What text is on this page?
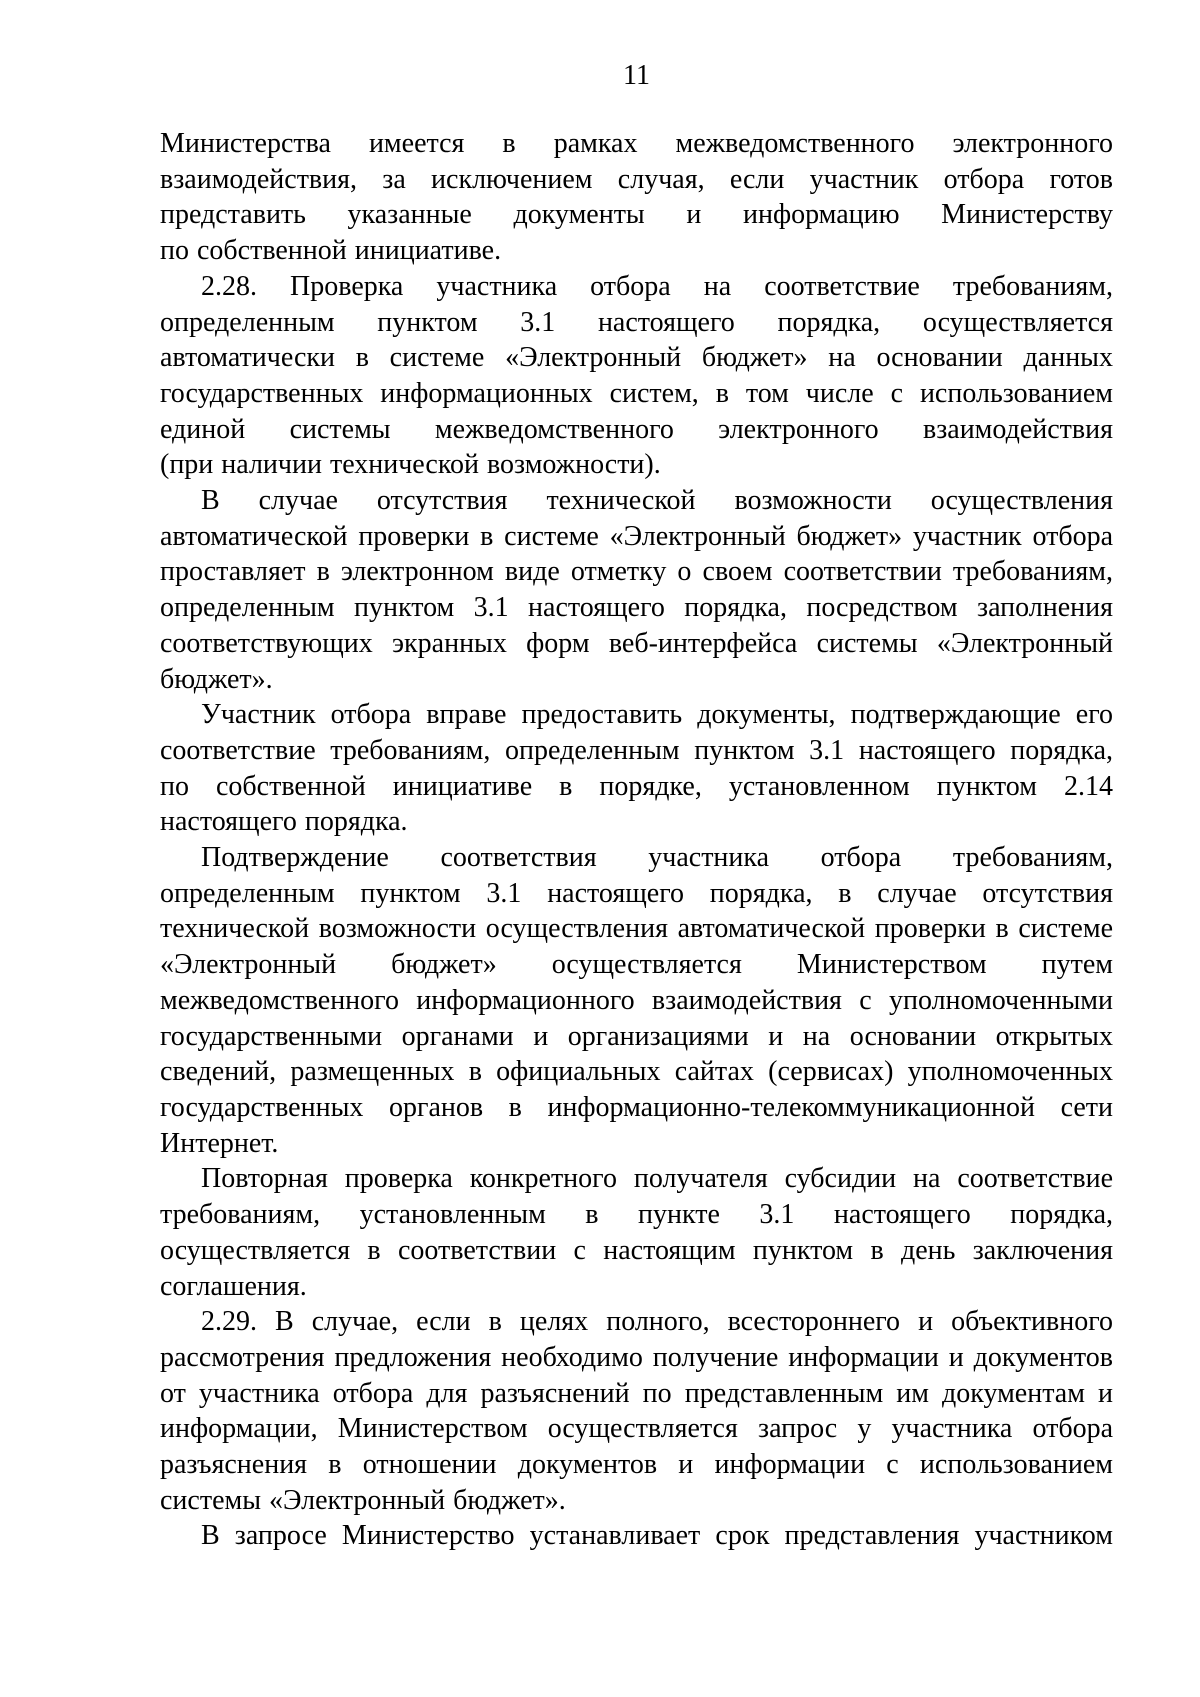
11
Министерства имеется в рамках межведомственного электронного
взаимодействия, за исключением случая, если участник отбора готов
представить указанные документы и информацию Министерству
по собственной инициативе.
2.28. Проверка участника отбора на соответствие требованиям,
определенным пунктом 3.1 настоящего порядка, осуществляется
автоматически в системе «Электронный бюджет» на основании данных
государственных информационных систем, в том числе с использованием
единой системы межведомственного электронного взаимодействия
(при наличии технической возможности).
В случае отсутствия технической возможности осуществления
автоматической проверки в системе «Электронный бюджет» участник отбора
проставляет в электронном виде отметку о своем соответствии требованиям,
определенным пунктом 3.1 настоящего порядка, посредством заполнения
соответствующих экранных форм веб-интерфейса системы «Электронный
бюджет».
Участник отбора вправе предоставить документы, подтверждающие его
соответствие требованиям, определенным пунктом 3.1 настоящего порядка,
по собственной инициативе в порядке, установленном пунктом 2.14
настоящего порядка.
Подтверждение соответствия участника отбора требованиям,
определенным пунктом 3.1 настоящего порядка, в случае отсутствия
технической возможности осуществления автоматической проверки в системе
«Электронный бюджет» осуществляется Министерством путем
межведомственного информационного взаимодействия с уполномоченными
государственными органами и организациями и на основании открытых
сведений, размещенных в официальных сайтах (сервисах) уполномоченных
государственных органов в информационно-телекоммуникационной сети
Интернет.
Повторная проверка конкретного получателя субсидии на соответствие
требованиям, установленным в пункте 3.1 настоящего порядка,
осуществляется в соответствии с настоящим пунктом в день заключения
соглашения.
2.29. В случае, если в целях полного, всестороннего и объективного
рассмотрения предложения необходимо получение информации и документов
от участника отбора для разъяснений по представленным им документам и
информации, Министерством осуществляется запрос у участника отбора
разъяснения в отношении документов и информации с использованием
системы «Электронный бюджет».
В запросе Министерство устанавливает срок представления участником
